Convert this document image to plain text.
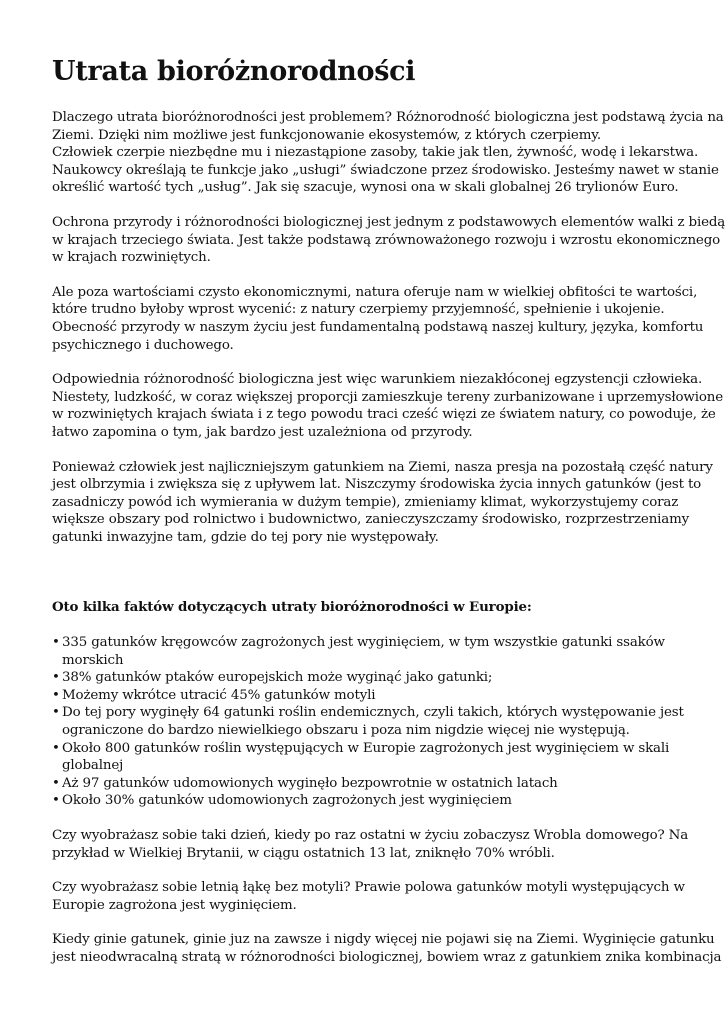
Utrata bioróżnorodności

Dlaczego utrata bioróżnorodności jest problemem? Różnorodność biologiczna jest podstawą życia na
Ziemi. Dzięki nim możliwe jest funkcjonowanie ekosystemów, z których czerpiemy.
Człowiek czerpie niezbędne mu i niezastąpione zasoby, takie jak tlen, żywność, wodę i lekarstwa.
Naukowcy określają te funkcje jako „usługi” świadczone przez środowisko. Jesteśmy nawet w stanie
określić wartość tych „usług”. Jak się szacuje, wynosi ona w skali globalnej 26 trylionów Euro.

Ochrona przyrody i różnorodności biologicznej jest jednym z podstawowych elementów walki z biedą
w krajach trzeciego świata. Jest także podstawą zrównoważonego rozwoju i wzrostu ekonomicznego
w krajach rozwiniętych.

Ale poza wartościami czysto ekonomicznymi, natura oferuje nam w wielkiej obfitości te wartości,
które trudno byłoby wprost wycenić: z natury czerpiemy przyjemność, spełnienie i ukojenie.
Obecność przyrody w naszym życiu jest fundamentalną podstawą naszej kultury, języka, komfortu
psychicznego i duchowego.

Odpowiednia różnorodność biologiczna jest więc warunkiem niezakłóconej egzystencji człowieka.
Niestety, ludzkość, w coraz większej proporcji zamieszkuje tereny zurbanizowane i uprzemysłowione
w rozwiniętych krajach świata i z tego powodu traci cześć więzi ze światem natury, co powoduje, że
łatwo zapomina o tym, jak bardzo jest uzależniona od przyrody.

Ponieważ człowiek jest najliczniejszym gatunkiem na Ziemi, nasza presja na pozostałą część natury
jest olbrzymia i zwiększa się z upływem lat. Niszczymy środowiska życia innych gatunków (jest to
zasadniczy powód ich wymierania w dużym tempie), zmieniamy klimat, wykorzystujemy coraz
większe obszary pod rolnictwo i budownictwo, zanieczyszczamy środowisko, rozprzestrzeniamy
gatunki inwazyjne tam, gdzie do tej pory nie występowały.

Oto kilka faktów dotyczących utraty bioróżnorodności w Europie:

• 335 gatunków kręgowców zagrożonych jest wyginięciem, w tym wszystkie gatunki ssaków
morskich
• 38% gatunków ptaków europejskich może wyginąć jako gatunki;
• Możemy wkrótce utracić 45% gatunków motyli
• Do tej pory wyginęły 64 gatunki roślin endemicznych, czyli takich, których występowanie jest
ograniczone do bardzo niewielkiego obszaru i poza nim nigdzie więcej nie występują.
• Około 800 gatunków roślin występujących w Europie zagrożonych jest wyginięciem w skali
globalnej
• Aż 97 gatunków udomowionych wyginęło bezpowrotnie w ostatnich latach
• Około 30% gatunków udomowionych zagrożonych jest wyginięciem

Czy wyobrażasz sobie taki dzień, kiedy po raz ostatni w życiu zobaczysz Wrobla domowego? Na
przykład w Wielkiej Brytanii, w ciągu ostatnich 13 lat, zniknęło 70% wróbli.

Czy wyobrażasz sobie letnią łąkę bez motyli? Prawie polowa gatunków motyli występujących w
Europie zagrożona jest wyginięciem.

Kiedy ginie gatunek, ginie juz na zawsze i nigdy więcej nie pojawi się na Ziemi. Wyginięcie gatunku
jest nieodwracalną stratą w różnorodności biologicznej, bowiem wraz z gatunkiem znika kombinacja
